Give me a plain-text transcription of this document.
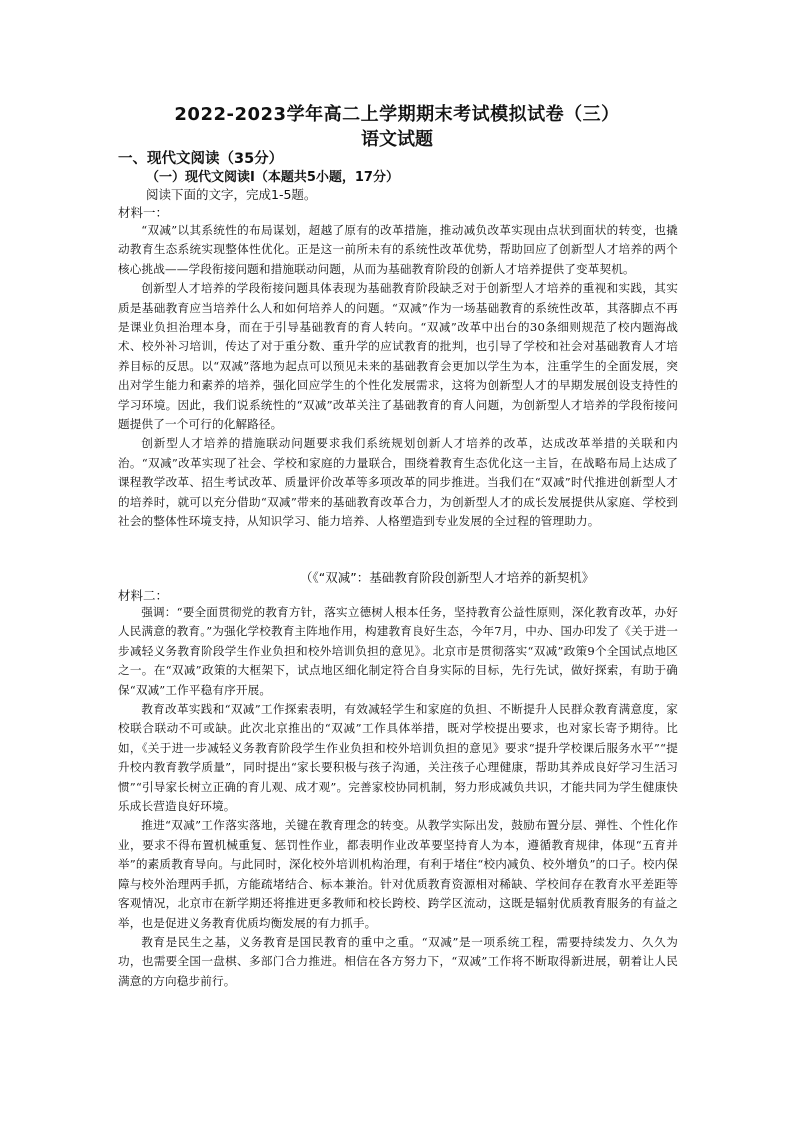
2022-2023学年高二上学期期末考试模拟试卷（三）
语文试题
一、现代文阅读（35分）
（一）现代文阅读Ⅰ（本题共5小题，17分）
阅读下面的文字，完成1-5题。
材料一：

“双减”以其系统性的布局谋划，超越了原有的改革措施，推动减负改革实现由点状到面状的转变，也撬动教育生态系统实现整体性优化。正是这一前所未有的系统性改革优势，帮助回应了创新型人才培养的两个核心挑战——学段衔接问题和措施联动问题，从而为基础教育阶段的创新人才培养提供了变革契机。

创新型人才培养的学段衔接问题具体表现为基础教育阶段缺乏对于创新型人才培养的重视和实践，其实质是基础教育应当培养什么人和如何培养人的问题。“双减”作为一场基础教育的系统性改革，其落脚点不再是课业负担治理本身，而在于引导基础教育的育人转向。“双减”改革中出台的30条细则规范了校内题海战术、校外补习培训，传达了对于重分数、重升学的应试教育的批判，也引导了学校和社会对基础教育人才培养目标的反思。以“双减”落地为起点可以预见未来的基础教育会更加以学生为本，注重学生的全面发展，突出对学生能力和素养的培养，强化回应学生的个性化发展需求，这将为创新型人才的早期发展创设支持性的学习环境。因此，我们说系统性的“双减”改革关注了基础教育的育人问题，为创新型人才培养的学段衔接问题提供了一个可行的化解路径。

创新型人才培养的措施联动问题要求我们系统规划创新人才培养的改革，达成改革举措的关联和内治。“双减”改革实现了社会、学校和家庭的力量联合，围绕着教育生态优化这一主旨，在战略布局上达成了课程教学改革、招生考试改革、质量评价改革等多项改革的同步推进。当我们在“双减”时代推进创新型人才的培养时，就可以充分借助“双减”带来的基础教育改革合力，为创新型人才的成长发展提供从家庭、学校到社会的整体性环境支持，从知识学习、能力培养、人格塑造到专业发展的全过程的管理助力。

（《“双减”：基础教育阶段创新型人才培养的新契机》
材料二：

强调：“要全面贯彻党的教育方针，落实立德树人根本任务，坚持教育公益性原则，深化教育改革，办好人民满意的教育。”为强化学校教育主阵地作用，构建教育良好生态，今年7月，中办、国办印发了《关于进一步减轻义务教育阶段学生作业负担和校外培训负担的意见》。北京市是贯彻落实“双减”政策9个全国试点地区之一。在“双减”政策的大框架下，试点地区细化制定符合自身实际的目标，先行先试，做好探索，有助于确保“双减”工作平稳有序开展。

教育改革实践和“双减”工作探索表明，有效减轻学生和家庭的负担、不断提升人民群众教育满意度，家校联合联动不可或缺。此次北京推出的“双减”工作具体举措，既对学校提出要求，也对家长寄予期待。比如，《关于进一步减轻义务教育阶段学生作业负担和校外培训负担的意见》要求“提升学校课后服务水平”“提升校内教育教学质量”，同时提出“家长要积极与孩子沟通，关注孩子心理健康，帮助其养成良好学习生活习惯”“引导家长树立正确的育儿观、成才观”。完善家校协同机制，努力形成减负共识，才能共同为学生健康快乐成长营造良好环境。

推进“双减”工作落实落地，关键在教育理念的转变。从教学实际出发，鼓励布置分层、弹性、个性化作业，要求不得布置机械重复、惩罚性作业，都表明作业改革要坚持育人为本，遵循教育规律，体现“五育并举”的素质教育导向。与此同时，深化校外培训机构治理，有利于堵住“校内减负、校外增负”的口子。校内保障与校外治理两手抓，方能疏堵结合、标本兼治。针对优质教育资源相对稀缺、学校间存在教育水平差距等客观情况，北京市在新学期还将推进更多教师和校长跨校、跨学区流动，这既是辐射优质教育服务的有益之举，也是促进义务教育优质均衡发展的有力抓手。

教育是民生之基，义务教育是国民教育的重中之重。“双减”是一项系统工程，需要持续发力、久久为功，也需要全国一盘棋、多部门合力推进。相信在各方努力下，“双减”工作将不断取得新进展，朝着让人民满意的方向稳步前行。
